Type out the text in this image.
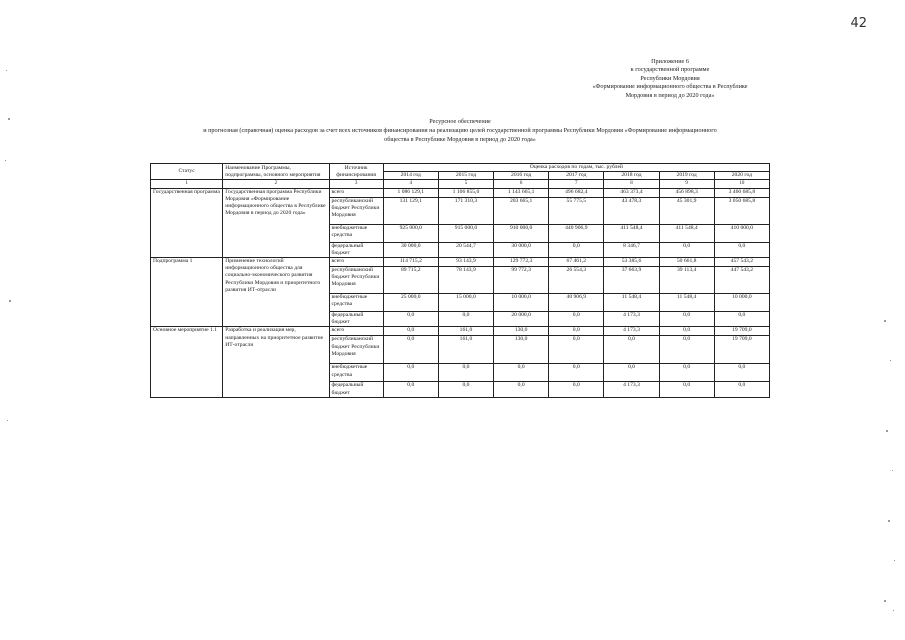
42
Приложение 6
к государственной программе
Республики Мордовия
«Формирование информационного общества в Республике
Мордовия в период до 2020 года»
Ресурсное обеспечение
и прогнозная (справочная) оценка расходов за счет всех источников финансирования на реализацию целей государственной программы Республики Мордовия «Формирование информационного
общества в Республике Мордовия в период до 2020 года»
Статус	Наименование Программы, подпрограммы, основного мероприятия	Источник финансирования	Оценка расходов по годам, тыс. рублей						
			2014 год	2015 год	2016 год	2017 год	2018 год	2019 год	2020 год
1	2	3	4	5	6	7	8	9	10
Государственная программа	Государственная программа Республики Мордовия «Формирование информационного общества в Республике Мордовия в период до 2020 года»	всего	1 086 129,1	1 106 855,0	1 143 665,1	496 682,4	463 373,4	456 898,3	3 460 685,8
		республиканский бюджет Республики Мордовия	131 129,1	171 310,3	203 665,1	55 775,5	43 478,3	45 301,9	3 050 685,8
		внебюджетные средства	925 000,0	915 000,0	910 000,0	440 906,9	411 548,4	411 548,4	410 000,0
		федеральный бюджет	30 000,0	20 544,7	30 000,0	0,0	8 346,7	0,0	0,0
Подпрограмма 1	Применение технологий информационного общества для социально-экономического развития Республики Мордовия и приоритетного развития ИТ-отрасли	всего	114 715,2	93 143,9	129 772,3	67 461,2	53 385,6	50 661,8	457 543,2
		республиканский бюджет Республики Мордовия	89 715,2	78 143,9	99 772,3	26 554,3	37 663,9	39 113,4	447 543,2
		внебюджетные средства	25 000,0	15 000,0	10 000,0	40 906,9	11 548,4	11 548,4	10 000,0
		федеральный бюджет	0,0	0,0	20 000,0	0,0	4 173,3	0,0	0,0
Основное мероприятие 1.1	Разработка и реализация мер, направленных на приоритетное развитие ИТ-отрасли	всего	0,0	161,0	130,0	0,0	4 173,3	0,0	19 709,0
		республиканский бюджет Республики Мордовия	0,0	161,0	130,0	0,0	0,0	0,0	19 709,0
		внебюджетные средства	0,0	0,0	0,0	0,0	0,0	0,0	0,0
		федеральный бюджет	0,0	0,0	0,0	0,0	4 173,3	0,0	0,0
